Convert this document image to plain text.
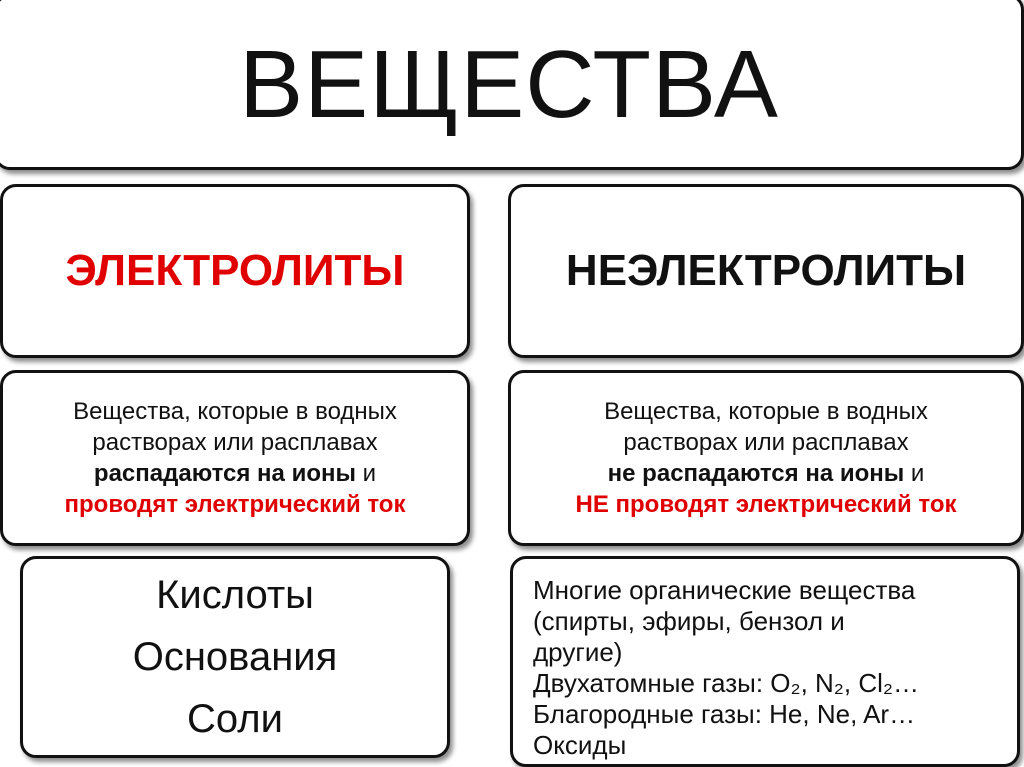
ВЕЩЕСТВА
ЭЛЕКТРОЛИТЫ	НЕЭЛЕКТРОЛИТЫ
Вещества, которые в водных
растворах или расплавах
распадаются на ионы и
проводят электрический ток
Вещества, которые в водных
растворах или расплавах
не распадаются на ионы и
НЕ проводят электрический ток
Кислоты
Основания
Соли
Многие органические вещества
(спирты, эфиры, бензол и
другие)
Двухатомные газы: O₂, N₂, Cl₂…
Благородные газы: He, Ne, Ar…
Оксиды
